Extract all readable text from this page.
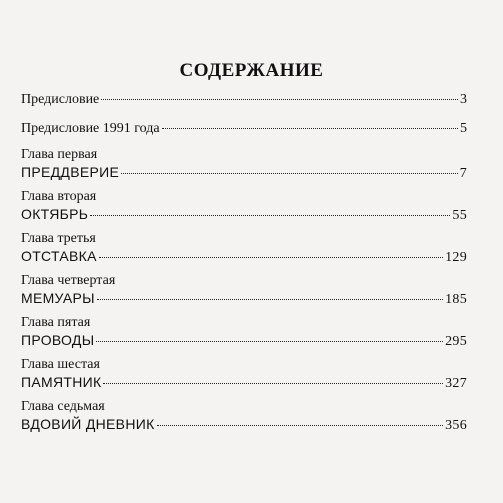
СОДЕРЖАНИЕ
Предисловие	3
Предисловие 1991 года	5
Глава первая
ПРЕДДВЕРИЕ	7
Глава вторая
ОКТЯБРЬ	55
Глава третья
ОТСТАВКА	129
Глава четвертая
МЕМУАРЫ	185
Глава пятая
ПРОВОДЫ	295
Глава шестая
ПАМЯТНИК	327
Глава седьмая
ВДОВИЙ ДНЕВНИК	356
